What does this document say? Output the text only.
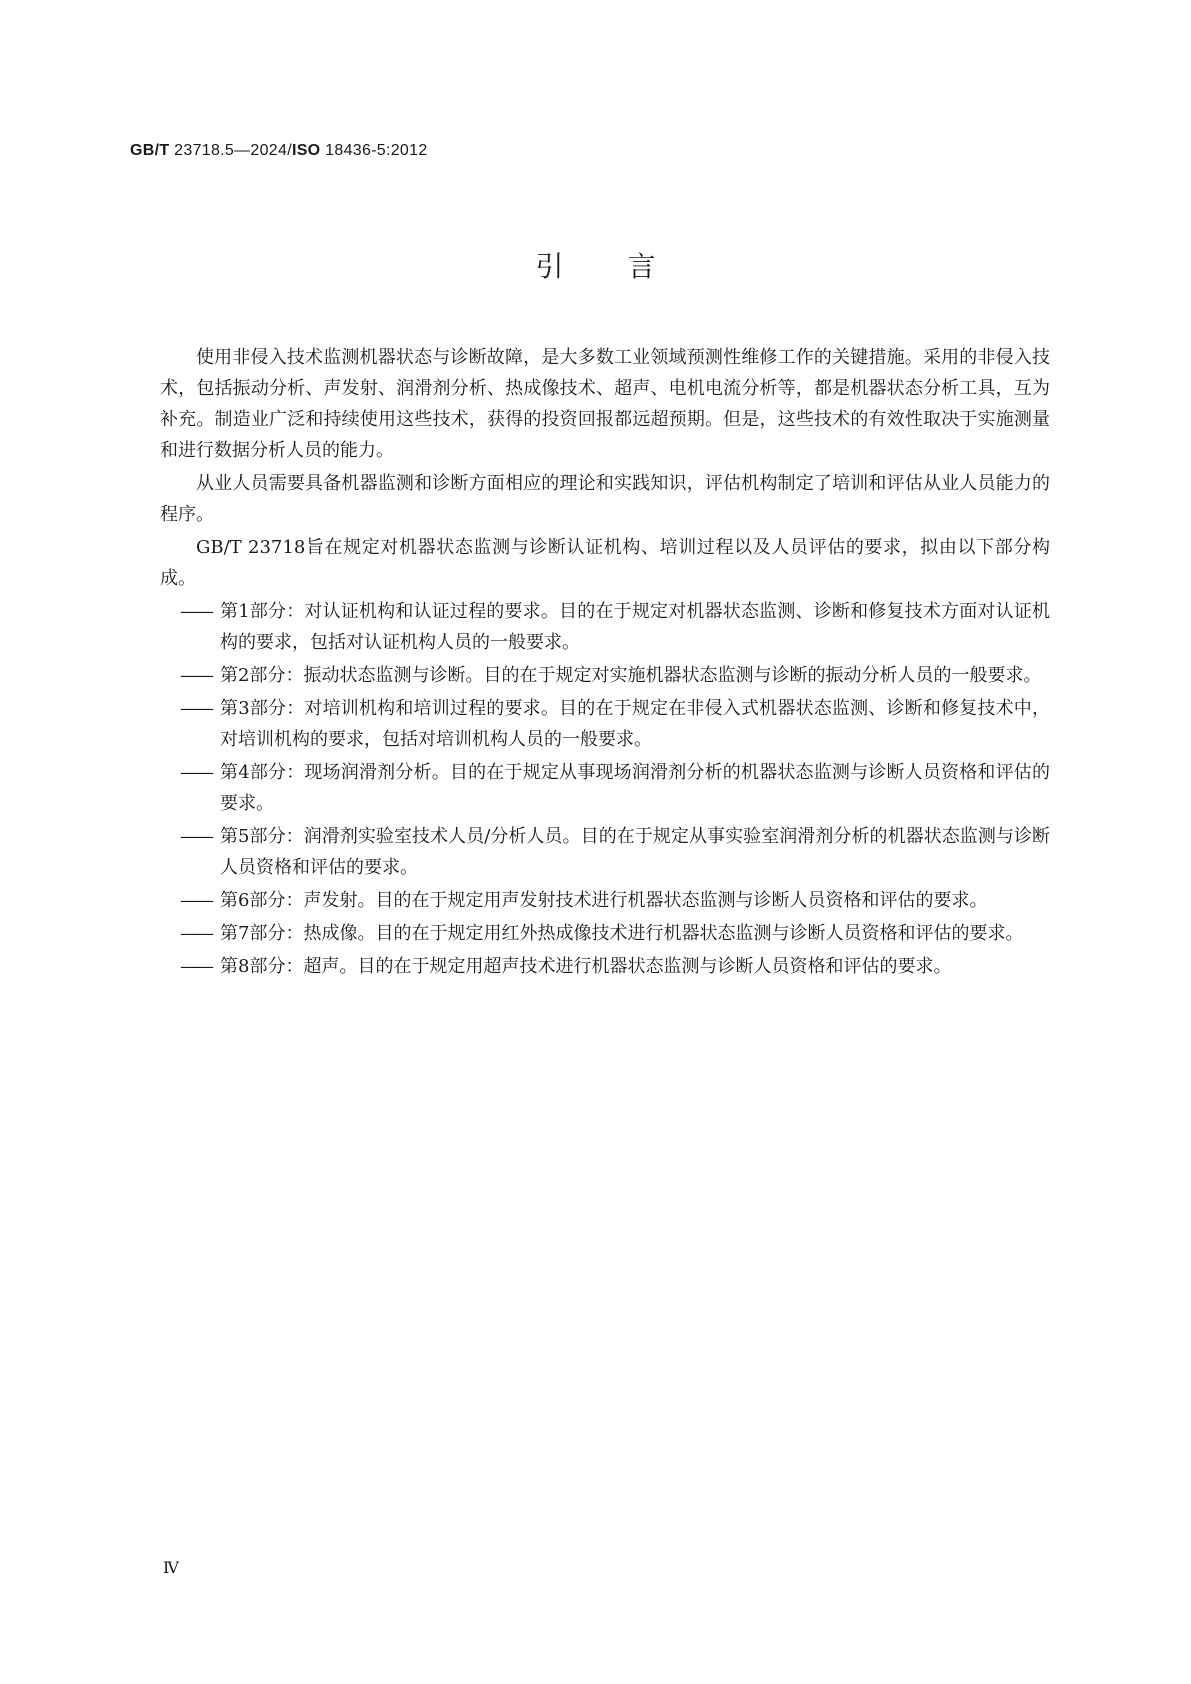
GB/T 23718.5—2024/ISO 18436-5:2012
引言

使用非侵入技术监测机器状态与诊断故障，是大多数工业领域预测性维修工作的关键措施。采用的非侵入技术，包括振动分析、声发射、润滑剂分析、热成像技术、超声、电机电流分析等，都是机器状态分析工具，互为补充。制造业广泛和持续使用这些技术，获得的投资回报都远超预期。但是，这些技术的有效性取决于实施测量和进行数据分析人员的能力。

从业人员需要具备机器监测和诊断方面相应的理论和实践知识，评估机构制定了培训和评估从业人员能力的程序。

GB/T 23718旨在规定对机器状态监测与诊断认证机构、培训过程以及人员评估的要求，拟由以下部分构成。

—— 第1部分：对认证机构和认证过程的要求。目的在于规定对机器状态监测、诊断和修复技术方面对认证机构的要求，包括对认证机构人员的一般要求。
—— 第2部分：振动状态监测与诊断。目的在于规定对实施机器状态监测与诊断的振动分析人员的一般要求。
—— 第3部分：对培训机构和培训过程的要求。目的在于规定在非侵入式机器状态监测、诊断和修复技术中，对培训机构的要求，包括对培训机构人员的一般要求。
—— 第4部分：现场润滑剂分析。目的在于规定从事现场润滑剂分析的机器状态监测与诊断人员资格和评估的要求。
—— 第5部分：润滑剂实验室技术人员/分析人员。目的在于规定从事实验室润滑剂分析的机器状态监测与诊断人员资格和评估的要求。
—— 第6部分：声发射。目的在于规定用声发射技术进行机器状态监测与诊断人员资格和评估的要求。
—— 第7部分：热成像。目的在于规定用红外热成像技术进行机器状态监测与诊断人员资格和评估的要求。
—— 第8部分：超声。目的在于规定用超声技术进行机器状态监测与诊断人员资格和评估的要求。
Ⅳ
